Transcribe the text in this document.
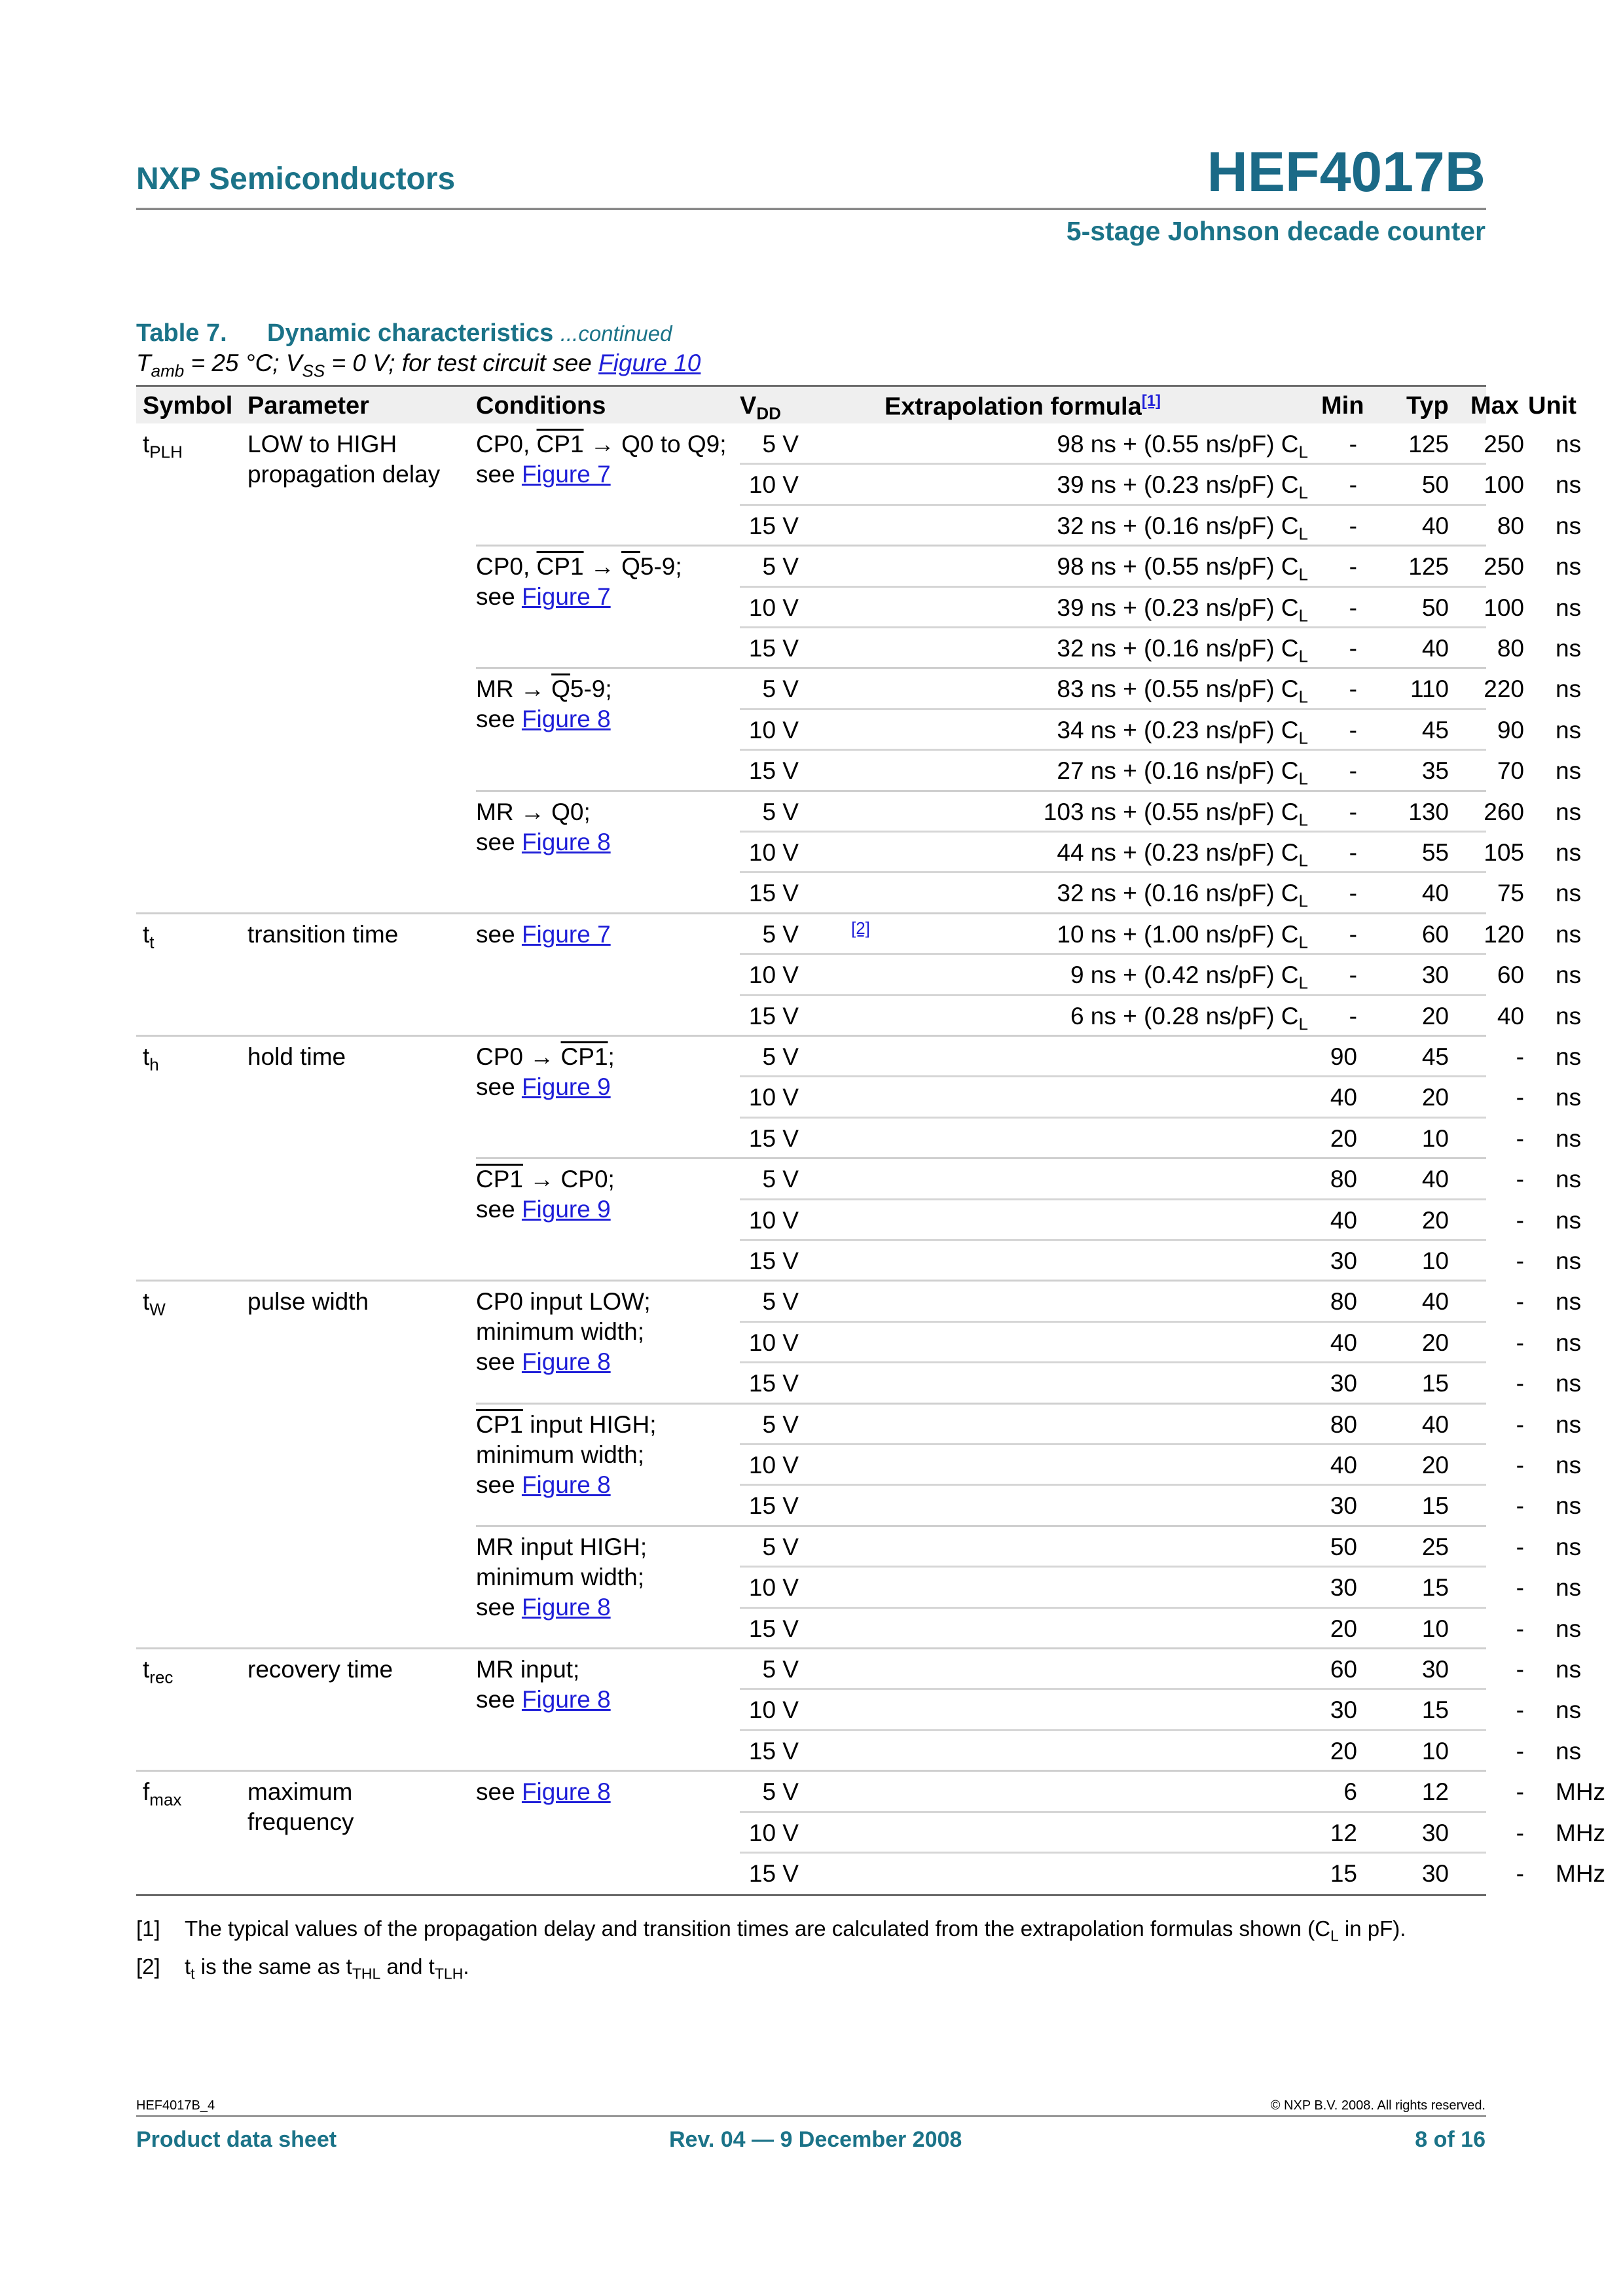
NXP Semiconductors	HEF4017B
5-stage Johnson decade counter
Table 7. Dynamic characteristics ...continued
$T_{amb} = 25$ °C; $V_{SS} = 0$ V; for test circuit see Figure 10
Symbol Parameter	Conditions	$V_{DD}$	Extrapolation formula[1]	Min Typ Max Unit
$t_{PLH}$	LOW to HIGH
propagation delay
CP0, CP1 → Q0 to Q9;
see Figure 7
5 V	98 ns + (0.55 ns/pF) $C_L$	-	125	250 ns
10 V	39 ns + (0.23 ns/pF) $C_L$	-	50	100 ns
15 V	32 ns + (0.16 ns/pF) $C_L$	-	40	80 ns
CP0, $CP1 \to \overline{Q}5-9$;
see Figure 7
5 V	98 ns + (0.55 ns/pF) $C_L$	-	125	250 ns
10 V	39 ns + (0.23 ns/pF) $C_L$	-	50	100 ns
15 V	32 ns + (0.16 ns/pF) $C_L$	-	40	80 ns
MR → $\overline{Q}5-9$;
see Figure 8
5 V	83 ns + (0.55 ns/pF) $C_L$	-	110	220 ns
10 V	34 ns + (0.23 ns/pF) $C_L$	-	45	90 ns
15 V	27 ns + (0.16 ns/pF) $C_L$	-	35	70 ns
MR → Q0;
see Figure 8
5 V	103 ns + (0.55 ns/pF) $C_L$	-	130	260 ns
10 V	44 ns + (0.23 ns/pF) $C_L$	-	55	105 ns
15 V	32 ns + (0.16 ns/pF) $C_L$	-	40	75 ns
$t_t$	transition time	see Figure 7	5 V	[2]	10 ns + (1.00 ns/pF) $C_L$	-	60	120 ns
10 V	9 ns + (0.42 ns/pF) $C_L$	-	30	60 ns
15 V	6 ns + (0.28 ns/pF) $C_L$	-	20	40 ns
$t_h$	hold time	CP0 → CP1;
see Figure 9
5 V	90	45	- ns
10 V	40	20	- ns
15 V	20	10	- ns
CP1 → CP0;
see Figure 9
5 V	80	40	- ns
10 V	40	20	- ns
15 V	30	10	- ns
$t_W$	pulse width	CP0 input LOW;
minimum width;
see Figure 8
5 V	80	40	- ns
10 V	40	20	- ns
15 V	30	15	- ns
CP1 input HIGH;
minimum width;
see Figure 8
5 V	80	40	- ns
10 V	40	20	- ns
15 V	30	15	- ns
MR input HIGH;
minimum width;
see Figure 8
5 V	50	25	- ns
10 V	30	15	- ns
15 V	20	10	- ns
$t_{rec}$	recovery time	MR input;
see Figure 8
5 V	60	30	- ns
10 V	30	15	- ns
15 V	20	10	- ns
$f_{max}$	maximum
frequency
see Figure 8	5 V	6	12	- MHz
10 V	12	30	- MHz
15 V	15	30	- MHz
[1] The typical values of the propagation delay and transition times are calculated from the extrapolation formulas shown ($C_L$ in pF).
[2] $t_t$ is the same as $t_{THL}$ and $t_{TLH}$.
HEF4017B_4	© NXP B.V. 2008. All rights reserved.
Product data sheet	Rev. 04 — 9 December 2008	8 of 16
